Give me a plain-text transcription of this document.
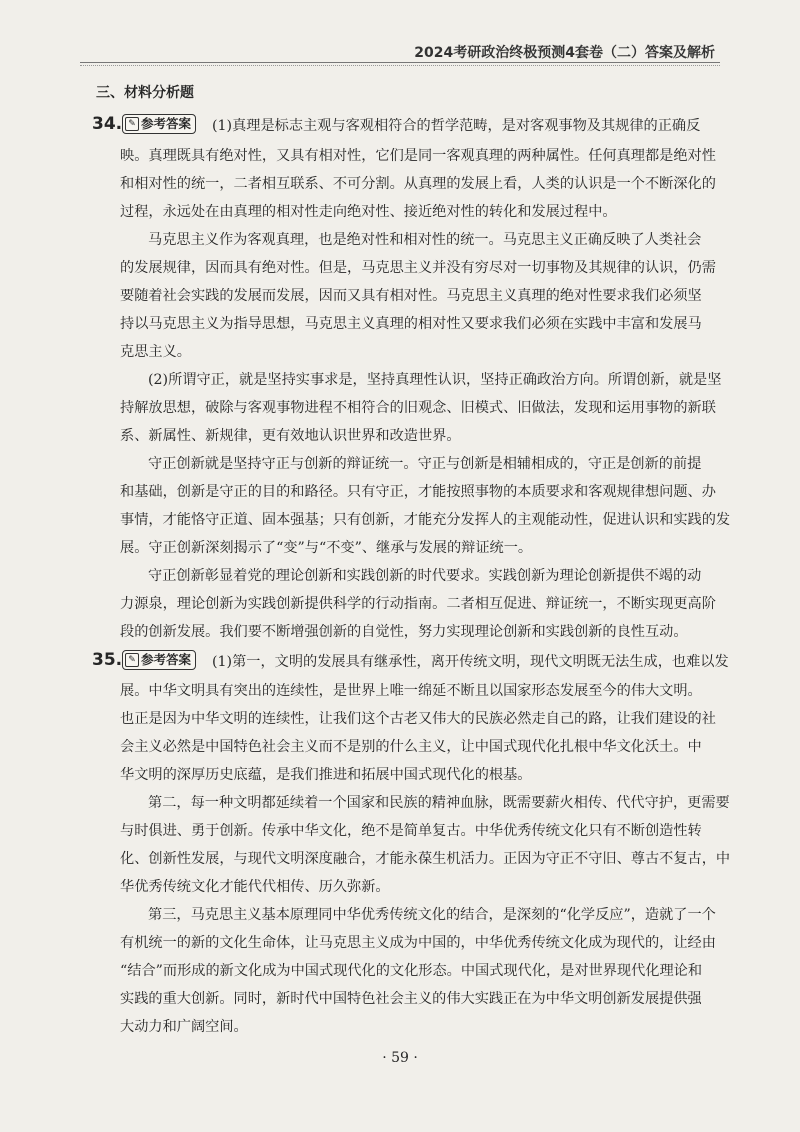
2024考研政治终极预测4套卷（二）答案及解析
三、材料分析题
34. ✎ 参考答案 (1)真理是标志主观与客观相符合的哲学范畴，是对客观事物及其规律的正确反
映。真理既具有绝对性，又具有相对性，它们是同一客观真理的两种属性。任何真理都是绝对性
和相对性的统一，二者相互联系、不可分割。从真理的发展上看，人类的认识是一个不断深化的
过程，永远处在由真理的相对性走向绝对性、接近绝对性的转化和发展过程中。
马克思主义作为客观真理，也是绝对性和相对性的统一。马克思主义正确反映了人类社会
的发展规律，因而具有绝对性。但是，马克思主义并没有穷尽对一切事物及其规律的认识，仍需
要随着社会实践的发展而发展，因而又具有相对性。马克思主义真理的绝对性要求我们必须坚
持以马克思主义为指导思想，马克思主义真理的相对性又要求我们必须在实践中丰富和发展马
克思主义。
(2)所谓守正，就是坚持实事求是，坚持真理性认识，坚持正确政治方向。所谓创新，就是坚
持解放思想，破除与客观事物进程不相符合的旧观念、旧模式、旧做法，发现和运用事物的新联
系、新属性、新规律，更有效地认识世界和改造世界。
守正创新就是坚持守正与创新的辩证统一。守正与创新是相辅相成的，守正是创新的前提
和基础，创新是守正的目的和路径。只有守正，才能按照事物的本质要求和客观规律想问题、办
事情，才能恪守正道、固本强基；只有创新，才能充分发挥人的主观能动性，促进认识和实践的发
展。守正创新深刻揭示了“变”与“不变”、继承与发展的辩证统一。
守正创新彰显着党的理论创新和实践创新的时代要求。实践创新为理论创新提供不竭的动
力源泉，理论创新为实践创新提供科学的行动指南。二者相互促进、辩证统一，不断实现更高阶
段的创新发展。我们要不断增强创新的自觉性，努力实现理论创新和实践创新的良性互动。
35. ✎ 参考答案 (1)第一，文明的发展具有继承性，离开传统文明，现代文明既无法生成，也难以发
展。中华文明具有突出的连续性，是世界上唯一绵延不断且以国家形态发展至今的伟大文明。
也正是因为中华文明的连续性，让我们这个古老又伟大的民族必然走自己的路，让我们建设的社
会主义必然是中国特色社会主义而不是别的什么主义，让中国式现代化扎根中华文化沃土。中
华文明的深厚历史底蕴，是我们推进和拓展中国式现代化的根基。
第二，每一种文明都延续着一个国家和民族的精神血脉，既需要薪火相传、代代守护，更需要
与时俱进、勇于创新。传承中华文化，绝不是简单复古。中华优秀传统文化只有不断创造性转
化、创新性发展，与现代文明深度融合，才能永葆生机活力。正因为守正不守旧、尊古不复古，中
华优秀传统文化才能代代相传、历久弥新。
第三，马克思主义基本原理同中华优秀传统文化的结合，是深刻的“化学反应”，造就了一个
有机统一的新的文化生命体，让马克思主义成为中国的，中华优秀传统文化成为现代的，让经由
“结合”而形成的新文化成为中国式现代化的文化形态。中国式现代化，是对世界现代化理论和
实践的重大创新。同时，新时代中国特色社会主义的伟大实践正在为中华文明创新发展提供强
大动力和广阔空间。
· 59 ·
